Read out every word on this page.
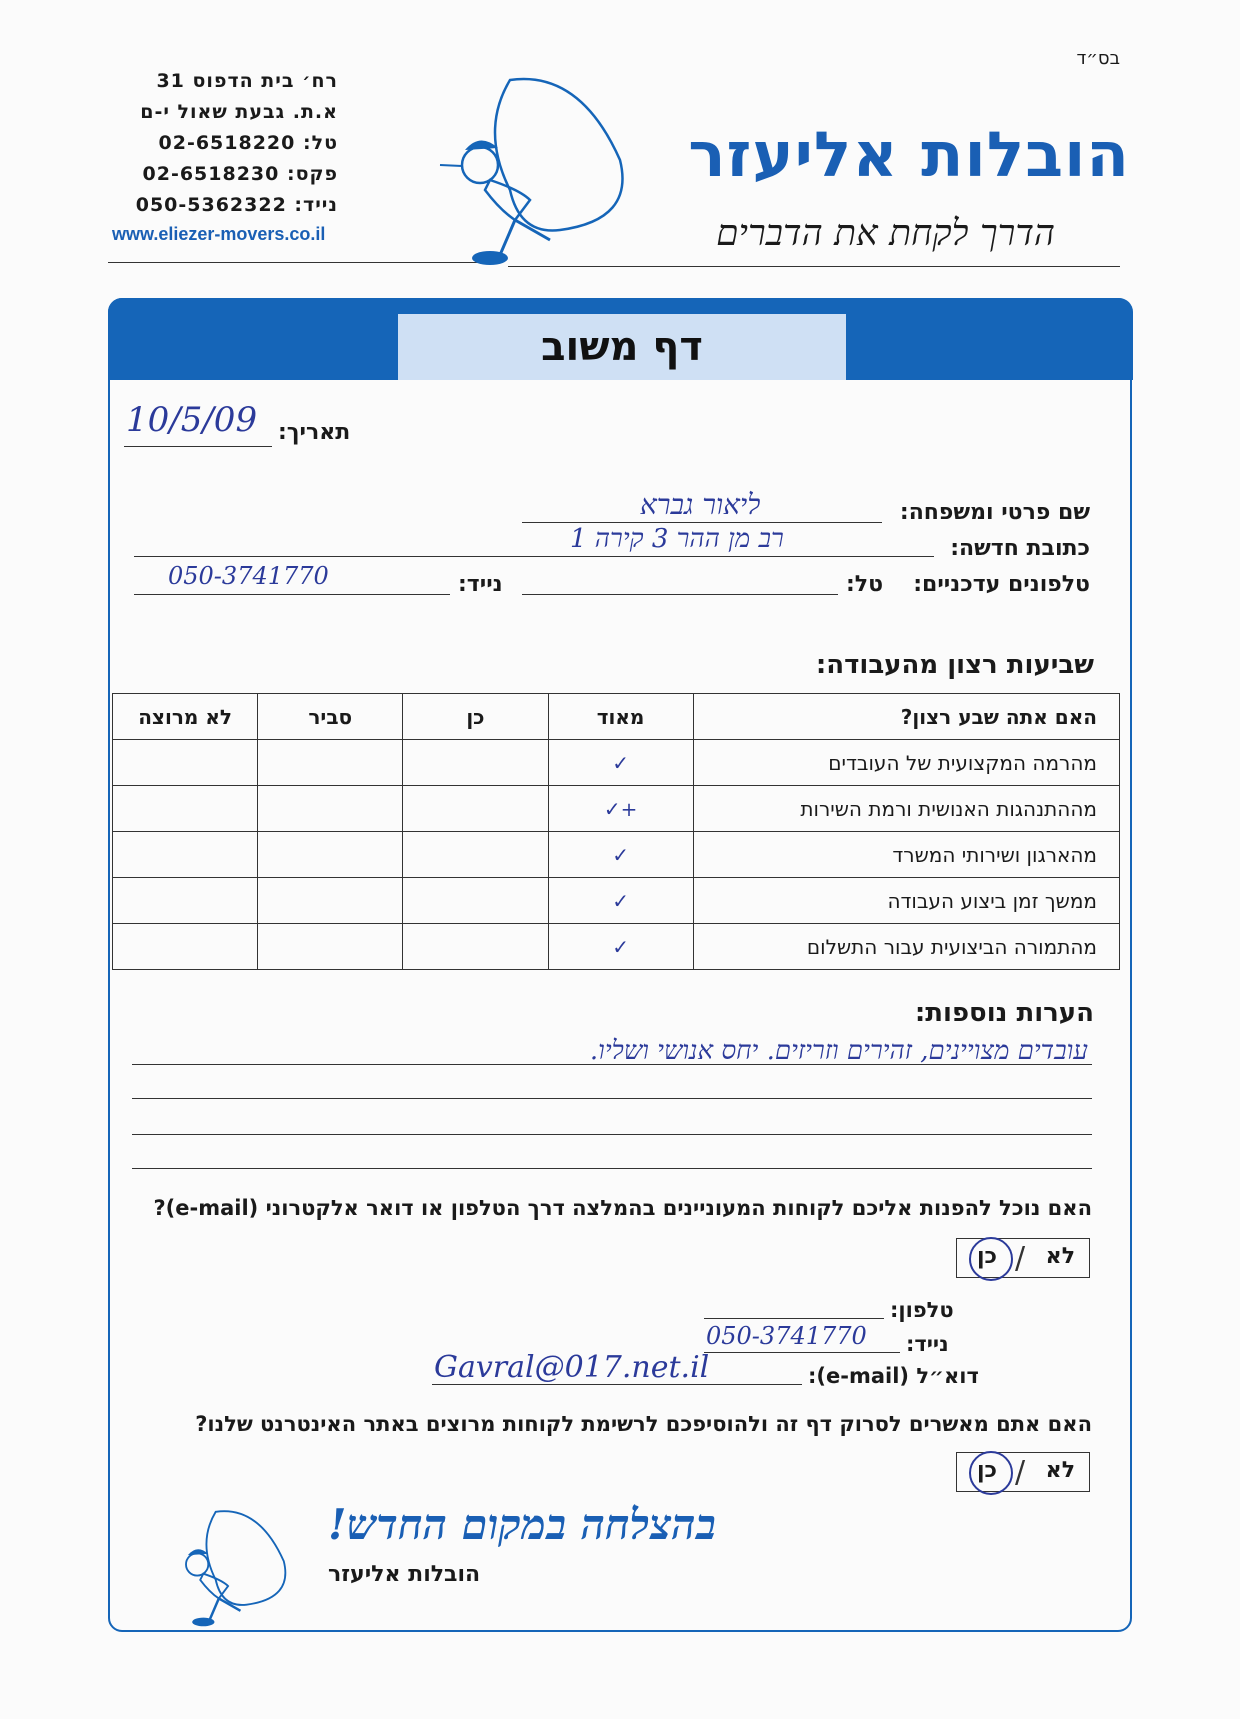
בס״ד
רח׳ בית הדפוס 31
א.ת. גבעת שאול י-ם
טל: 02-6518220
פקס: 02-6518230
נייד: 050-5362322
www.eliezer-movers.co.il
הובלות אליעזר
הדרך לקחת את הדברים
דף משוב
תאריך:
10/5/09
שם פרטי ומשפחה:
ליאור גברא
כתובת חדשה:
רב מן ההר 3 קירה 1
טלפונים עדכניים:
טל:
נייד:
050-3741770
שביעות רצון מהעבודה:
האם אתה שבע רצון?	מאוד	כן	סביר	לא מרוצה
מהרמה המקצועית של העובדים	✓			
מההתנהגות האנושית ורמת השירות	+✓			
מהארגון ושירותי המשרד	✓			
ממשך זמן ביצוע העבודה	✓			
מהתמורה הביצועית עבור התשלום	✓			
הערות נוספות:
עובדים מצויינים, זהירים וזריזים. יחס אנושי ושליו.
האם נוכל להפנות אליכם לקוחות המעוניינים בהמלצה דרך הטלפון או דואר אלקטרוני (e-mail)?
לא
/
כן
טלפון:
נייד:
050-3741770
דוא״ל (e-mail):
Gavral@017.net.il
האם אתם מאשרים לסרוק דף זה ולהוסיפכם לרשימת לקוחות מרוצים באתר האינטרנט שלנו?
לא
/
כן
בהצלחה במקום החדש!
הובלות אליעזר
